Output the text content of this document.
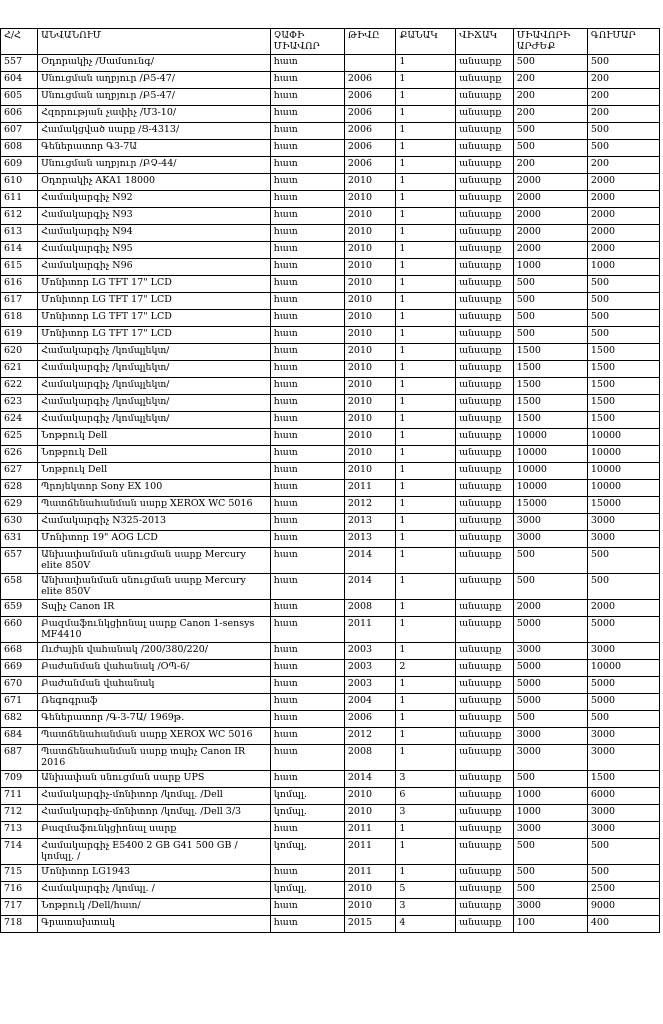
Հ/Հ	ԱՆՎԱՆՈՒՄ	ՉԱՓԻ ՄԻԱՎՈՐ	ԹԻՎԸ	ՔԱՆԱԿ	ՎԻՃԱԿ	ՄԻԱՎՈՐԻ ԱՐԺԵՔ	ԳՈՒՄԱՐ
557	Օդորակիչ /Սամսունգ/	հատ		1	անսարք	500	500
604	Սնուցման աղբյուր /Բ5-47/	հատ	2006	1	անսարք	200	200
605	Սնուցման աղբյուր /Բ5-47/	հատ	2006	1	անսարք	200	200
606	Հզորության չափիչ /Մ3-10/	հատ	2006	1	անսարք	200	200
607	Համակցված սարք /Ց-4313/	հատ	2006	1	անսարք	500	500
608	Գեներատոր Գ3-7Ա	հատ	2006	1	անսարք	500	500
609	Սնուցման աղբյուր /ԲՉ-44/	հատ	2006	1	անսարք	200	200
610	Օդորակիչ AKA1 18000	հատ	2010	1	անսարք	2000	2000
611	Համակարգիչ N92	հատ	2010	1	անսարք	2000	2000
612	Համակարգիչ N93	հատ	2010	1	անսարք	2000	2000
613	Համակարգիչ N94	հատ	2010	1	անսարք	2000	2000
614	Համակարգիչ N95	հատ	2010	1	անսարք	2000	2000
615	Համակարգիչ N96	հատ	2010	1	անսարք	1000	1000
616	Մոնիտոր LG TFT 17" LCD	հատ	2010	1	անսարք	500	500
617	Մոնիտոր LG TFT 17" LCD	հատ	2010	1	անսարք	500	500
618	Մոնիտոր LG TFT 17" LCD	հատ	2010	1	անսարք	500	500
619	Մոնիտոր LG TFT 17" LCD	հատ	2010	1	անսարք	500	500
620	Համակարգիչ /կոմպլեկտ/	հատ	2010	1	անսարք	1500	1500
621	Համակարգիչ /կոմպլեկտ/	հատ	2010	1	անսարք	1500	1500
622	Համակարգիչ /կոմպլեկտ/	հատ	2010	1	անսարք	1500	1500
623	Համակարգիչ /կոմպլեկտ/	հատ	2010	1	անսարք	1500	1500
624	Համակարգիչ /կոմպլեկտ/	հատ	2010	1	անսարք	1500	1500
625	Նոթբուկ Dell	հատ	2010	1	անսարք	10000	10000
626	Նոթբուկ Dell	հատ	2010	1	անսարք	10000	10000
627	Նոթբուկ Dell	հատ	2010	1	անսարք	10000	10000
628	Պրոյեկտոր Sony EX 100	հատ	2011	1	անսարք	10000	10000
629	Պատճենահանման սարք XEROX WC 5016	հատ	2012	1	անսարք	15000	15000
630	Համակարգիչ N325-2013	հատ	2013	1	անսարք	3000	3000
631	Մոնիտոր 19" AOG LCD	հատ	2013	1	անսարք	3000	3000
657	Անխափանման սնուցման սարք Mercury elite 850V	հատ	2014	1	անսարք	500	500
658	Անխափանման սնուցման սարք Mercury elite 850V	հատ	2014	1	անսարք	500	500
659	Տպիչ Canon IR	հատ	2008	1	անսարք	2000	2000
660	Բազմաֆունկցիոնալ սարք Canon 1-sensys MF4410	հատ	2011	1	անսարք	5000	5000
668	Ուժային վահանակ /200/380/220/	հատ	2003	1	անսարք	3000	3000
669	Բաժանման վահանակ /ՕՊ-6/	հատ	2003	2	անսարք	5000	10000
670	Բաժանման վահանակ	հատ	2003	1	անսարք	5000	5000
671	Ռեգոգրաֆ	հատ	2004	1	անսարք	5000	5000
682	Գեներատոր /Գ-3-7Ա/ 1969թ.	հատ	2006	1	անսարք	500	500
684	Պատճենահանման սարք XEROX WC 5016	հատ	2012	1	անսարք	3000	3000
687	Պատճենահանման սարք տպիչ Canon IR 2016	հատ	2008	1	անսարք	3000	3000
709	Անխափան սնուցման սարք UPS	հատ	2014	3	անսարք	500	1500
711	Համակարգիչ-մոնիտոր /կոմպլ. /Dell	կոմպլ.	2010	6	անսարք	1000	6000
712	Համակարգիչ-մոնիտոր /կոմպլ. /Dell 3/3	կոմպլ.	2010	3	անսարք	1000	3000
713	Բազմաֆունկցիոնալ սարք	հատ	2011	1	անսարք	3000	3000
714	Համակարգիչ E5400 2 GB G41 500 GB /կոմպլ. /	կոմպլ.	2011	1	անսարք	500	500
715	Մոնիտոր LG1943	հատ	2011	1	անսարք	500	500
716	Համակարգիչ /կոմպլ. /	կոմպլ.	2010	5	անսարք	500	2500
717	Նոթբուկ /Dell/հատ/	հատ	2010	3	անսարք	3000	9000
718	Գրատախտակ	հատ	2015	4	անսարք	100	400
